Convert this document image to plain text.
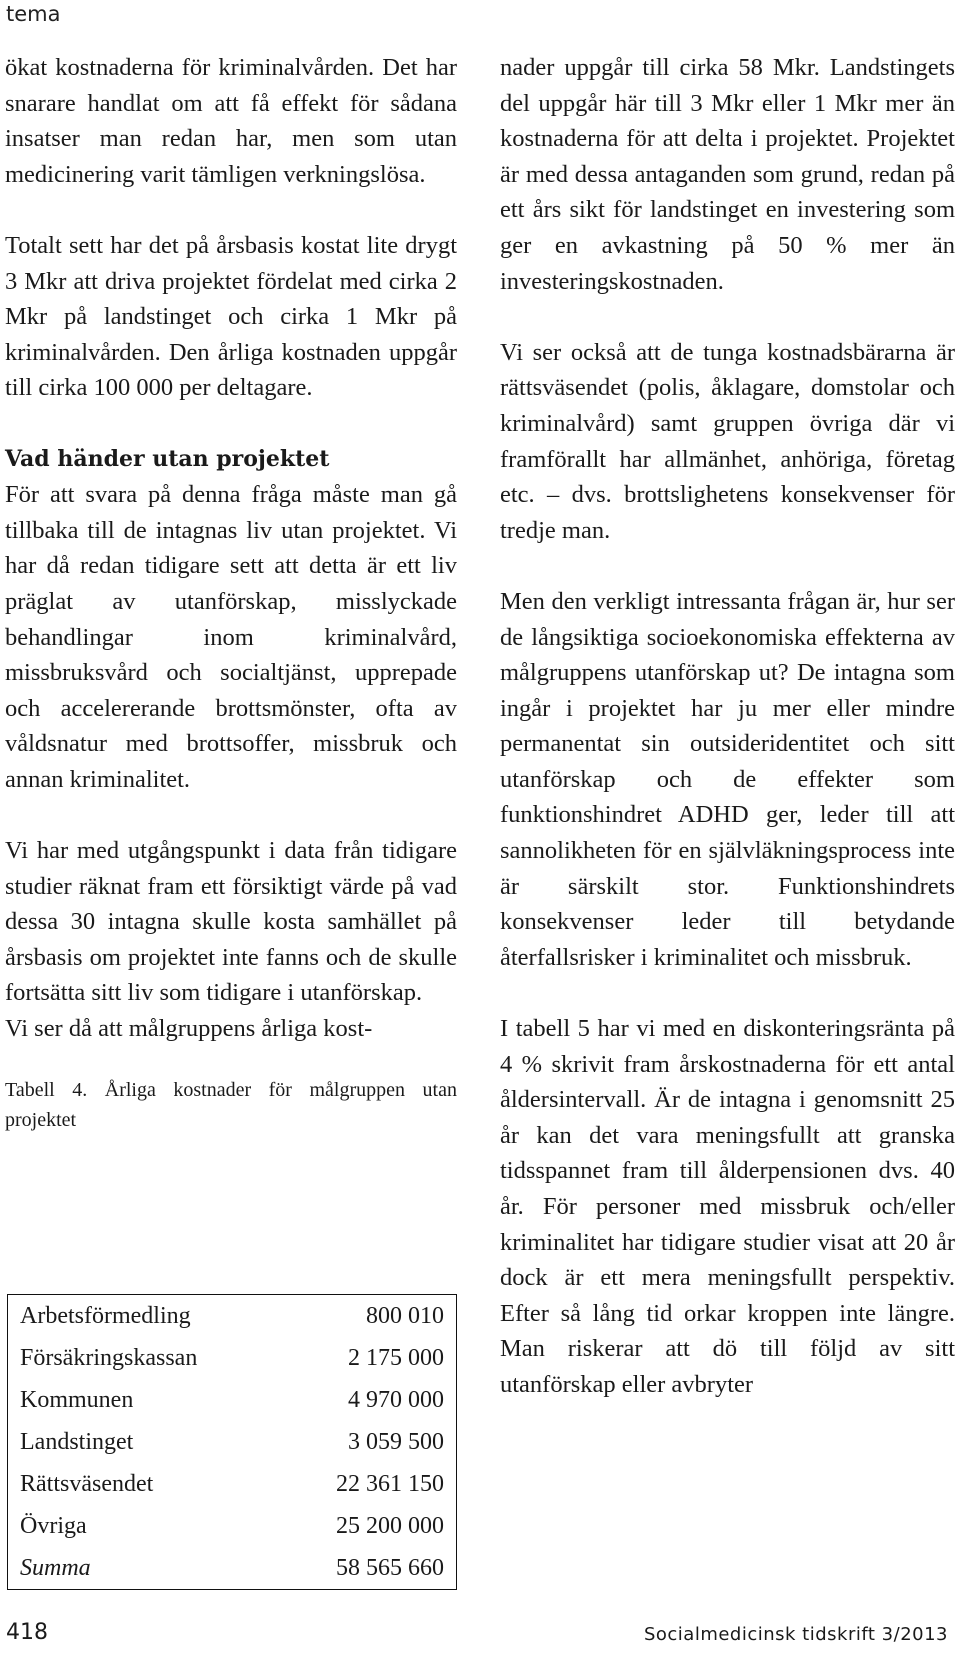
tema

ökat kostnaderna för kriminalvården. Det har snarare handlat om att få effekt för sådana insatser man redan har, men som utan medicinering varit tämligen verkningslösa.

Totalt sett har det på årsbasis kostat lite drygt 3 Mkr att driva projektet fördelat med cirka 2 Mkr på landstinget och cirka 1 Mkr på kriminalvården. Den årliga kostnaden uppgår till cirka 100 000 per deltagare.

Vad händer utan projektet

För att svara på denna fråga måste man gå tillbaka till de intagnas liv utan projektet. Vi har då redan tidigare sett att detta är ett liv präglat av utanförskap, misslyckade behandlingar inom kriminalvård, missbruksvård och socialtjänst, upprepade och accelererande brottsmönster, ofta av våldsnatur med brottsoffer, missbruk och annan kriminalitet.

Vi har med utgångspunkt i data från tidigare studier räknat fram ett försiktigt värde på vad dessa 30 intagna skulle kosta samhället på årsbasis om projektet inte fanns och de skulle fortsätta sitt liv som tidigare i utanförskap.

Vi ser då att målgruppens årliga kost-

Tabell 4. Årliga kostnader för målgruppen utan projektet

Arbetsförmedling	800 010
Försäkringskassan	2 175 000
Kommunen	4 970 000
Landstinget	3 059 500
Rättsväsendet	22 361 150
Övriga	25 200 000
Summa	58 565 660

nader uppgår till cirka 58 Mkr. Landstingets del uppgår här till 3 Mkr eller 1 Mkr mer än kostnaderna för att delta i projektet. Projektet är med dessa antaganden som grund, redan på ett års sikt för landstinget en investering som ger en avkastning på 50 % mer än investeringskostnaden.

Vi ser också att de tunga kostnadsbärarna är rättsväsendet (polis, åklagare, domstolar och kriminalvård) samt gruppen övriga där vi framförallt har allmänhet, anhöriga, företag etc. – dvs. brottslighetens konsekvenser för tredje man.

Men den verkligt intressanta frågan är, hur ser de långsiktiga socioekonomiska effekterna av målgruppens utanförskap ut? De intagna som ingår i projektet har ju mer eller mindre permanentat sin outsideridentitet och sitt utanförskap och de effekter som funktionshindret ADHD ger, leder till att sannolikheten för en självläkningsprocess inte är särskilt stor. Funktionshindrets konsekvenser leder till betydande återfallsrisker i kriminalitet och missbruk.

I tabell 5 har vi med en diskonteringsränta på 4 % skrivit fram årskostnaderna för ett antal åldersintervall. Är de intagna i genomsnitt 25 år kan det vara meningsfullt att granska tidsspannet fram till ålderpensionen dvs. 40 år. För personer med missbruk och/eller kriminalitet har tidigare studier visat att 20 år dock är ett mera meningsfullt perspektiv. Efter så lång tid orkar kroppen inte längre. Man riskerar att dö till följd av sitt utanförskap eller avbryter

418	Socialmedicinsk tidskrift 3/2013
